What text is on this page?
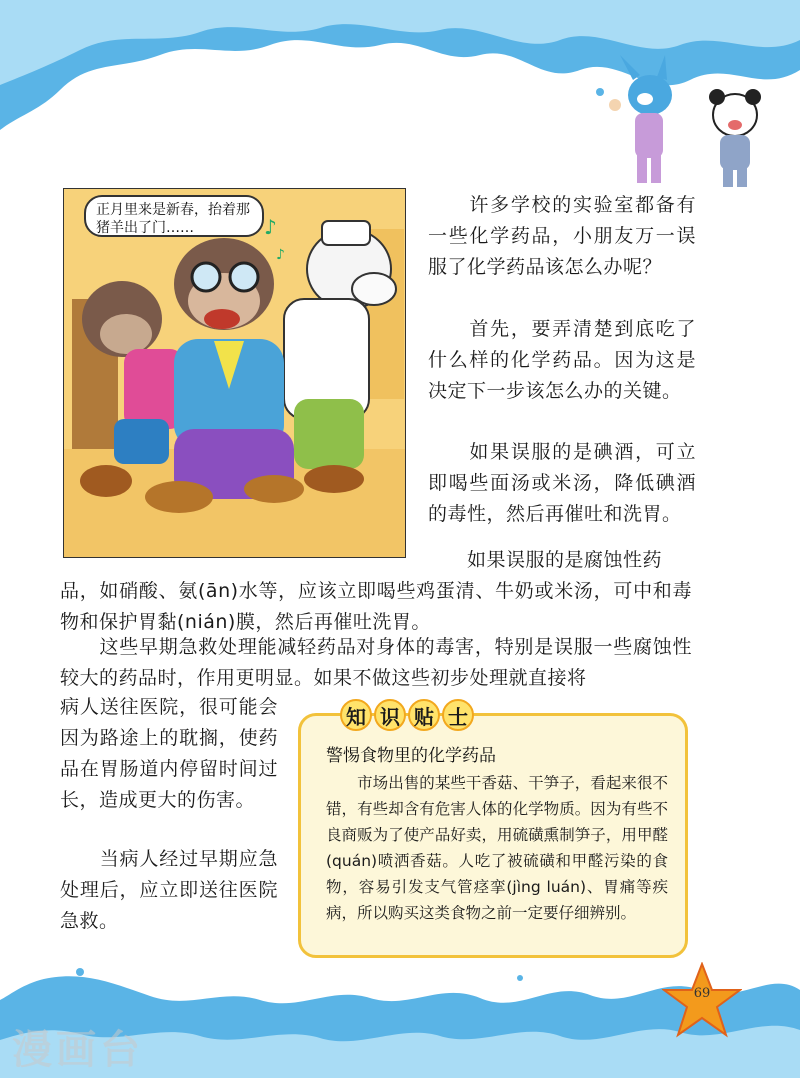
♪
♪
正月里来是新春，抬着那猪羊出了门……

　　许多学校的实验室都备有一些化学药品，小朋友万一误服了化学药品该怎么办呢？

　　首先，要弄清楚到底吃了什么样的化学药品。因为这是决定下一步该怎么办的关键。

　　如果误服的是碘酒，可立即喝些面汤或米汤，降低碘酒的毒性，然后再催吐和洗胃。

　　如果误服的是腐蚀性药

品，如硝酸、氨(ān)水等，应该立即喝些鸡蛋清、牛奶或米汤，可中和毒物和保护胃黏(nián)膜，然后再催吐洗胃。

　　这些早期急救处理能减轻药品对身体的毒害，特别是误服一些腐蚀性较大的药品时，作用更明显。如果不做这些初步处理就直接将

病人送往医院，很可能会因为路途上的耽搁，使药品在胃肠道内停留时间过长，造成更大的伤害。

　　当病人经过早期应急处理后，应立即送往医院急救。

知 识 贴 士
警惕食物里的化学药品

　　市场出售的某些干香菇、干笋子，看起来很不错，有些却含有危害人体的化学物质。因为有些不良商贩为了使产品好卖，用硫磺熏制笋子，用甲醛(quán)喷洒香菇。人吃了被硫磺和甲醛污染的食物，容易引发支气管痉挛(jìng luán)、胃痛等疾病，所以购买这类食物之前一定要仔细辨别。

69
漫画台
